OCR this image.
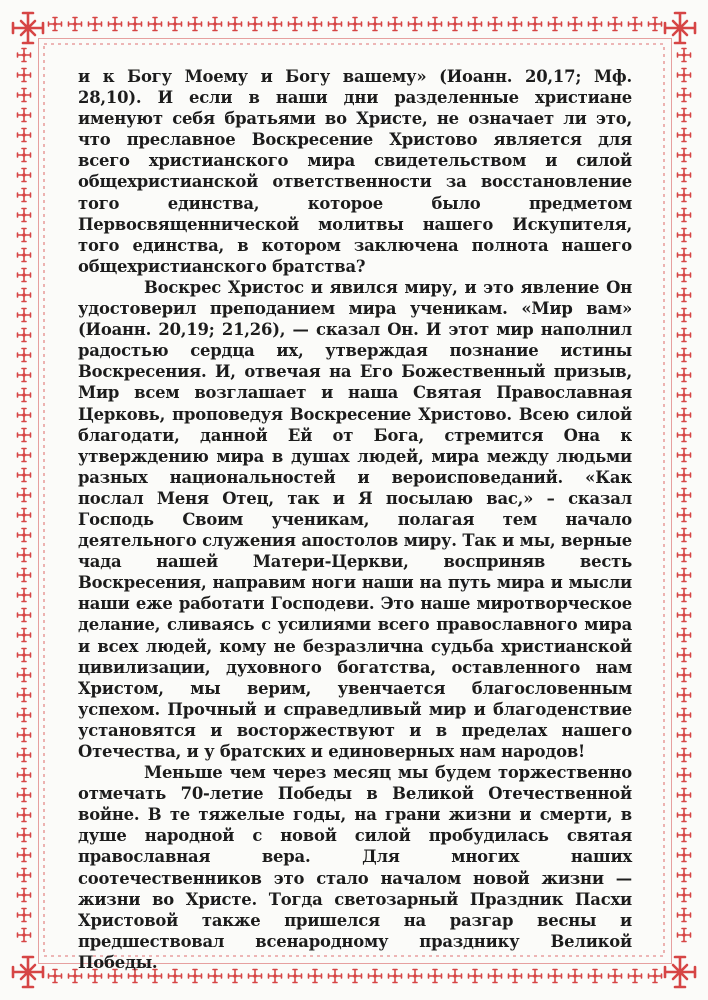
и к Богу Моему и Богу вашему» (Иоанн. 20,17; Мф. 28,10). И если в наши дни разделенные христиане именуют себя братьями во Христе, не означает ли это, что преславное Воскресение Христово является для всего христианского мира свидетельством и силой общехристианской ответственности за восстановление того единства, которое было предметом Первосвященнической молитвы нашего Искупителя, того единства, в котором заключена полнота нашего общехристианского братства?

Воскрес Христос и явился миру, и это явление Он удостоверил преподанием мира ученикам. «Мир вам» (Иоанн. 20,19; 21,26), — сказал Он. И этот мир наполнил радостью сердца их, утверждая познание истины Воскресения. И, отвечая на Его Божественный призыв, Мир всем возглашает и наша Святая Православная Церковь, проповедуя Воскресение Христово. Всею силой благодати, данной Ей от Бога, стремится Она к утверждению мира в душах людей, мира между людьми разных национальностей и вероисповеданий. «Как послал Меня Отец, так и Я посылаю вас,» – сказал Господь Своим ученикам, полагая тем начало деятельного служения апостолов миру. Так и мы, верные чада нашей Матери-Церкви, восприняв весть Воскресения, направим ноги наши на путь мира и мысли наши еже работати Господеви. Это наше миротворческое делание, сливаясь с усилиями всего православного мира и всех людей, кому не безразлична судьба христианской цивилизации, духовного богатства, оставленного нам Христом, мы верим, увенчается благословенным успехом. Прочный и справедливый мир и благоденствие установятся и восторжествуют и в пределах нашего Отечества, и у братских и единоверных нам народов!

Меньше чем через месяц мы будем торжественно отмечать 70-летие Победы в Великой Отечественной войне. В те тяжелые годы, на грани жизни и смерти, в душе народной с новой силой пробудилась святая православная вера. Для многих наших соотечественников это стало началом новой жизни — жизни во Христе. Тогда светозарный Праздник Пасхи Христовой также пришелся на разгар весны и предшествовал всенародному празднику Великой Победы.
